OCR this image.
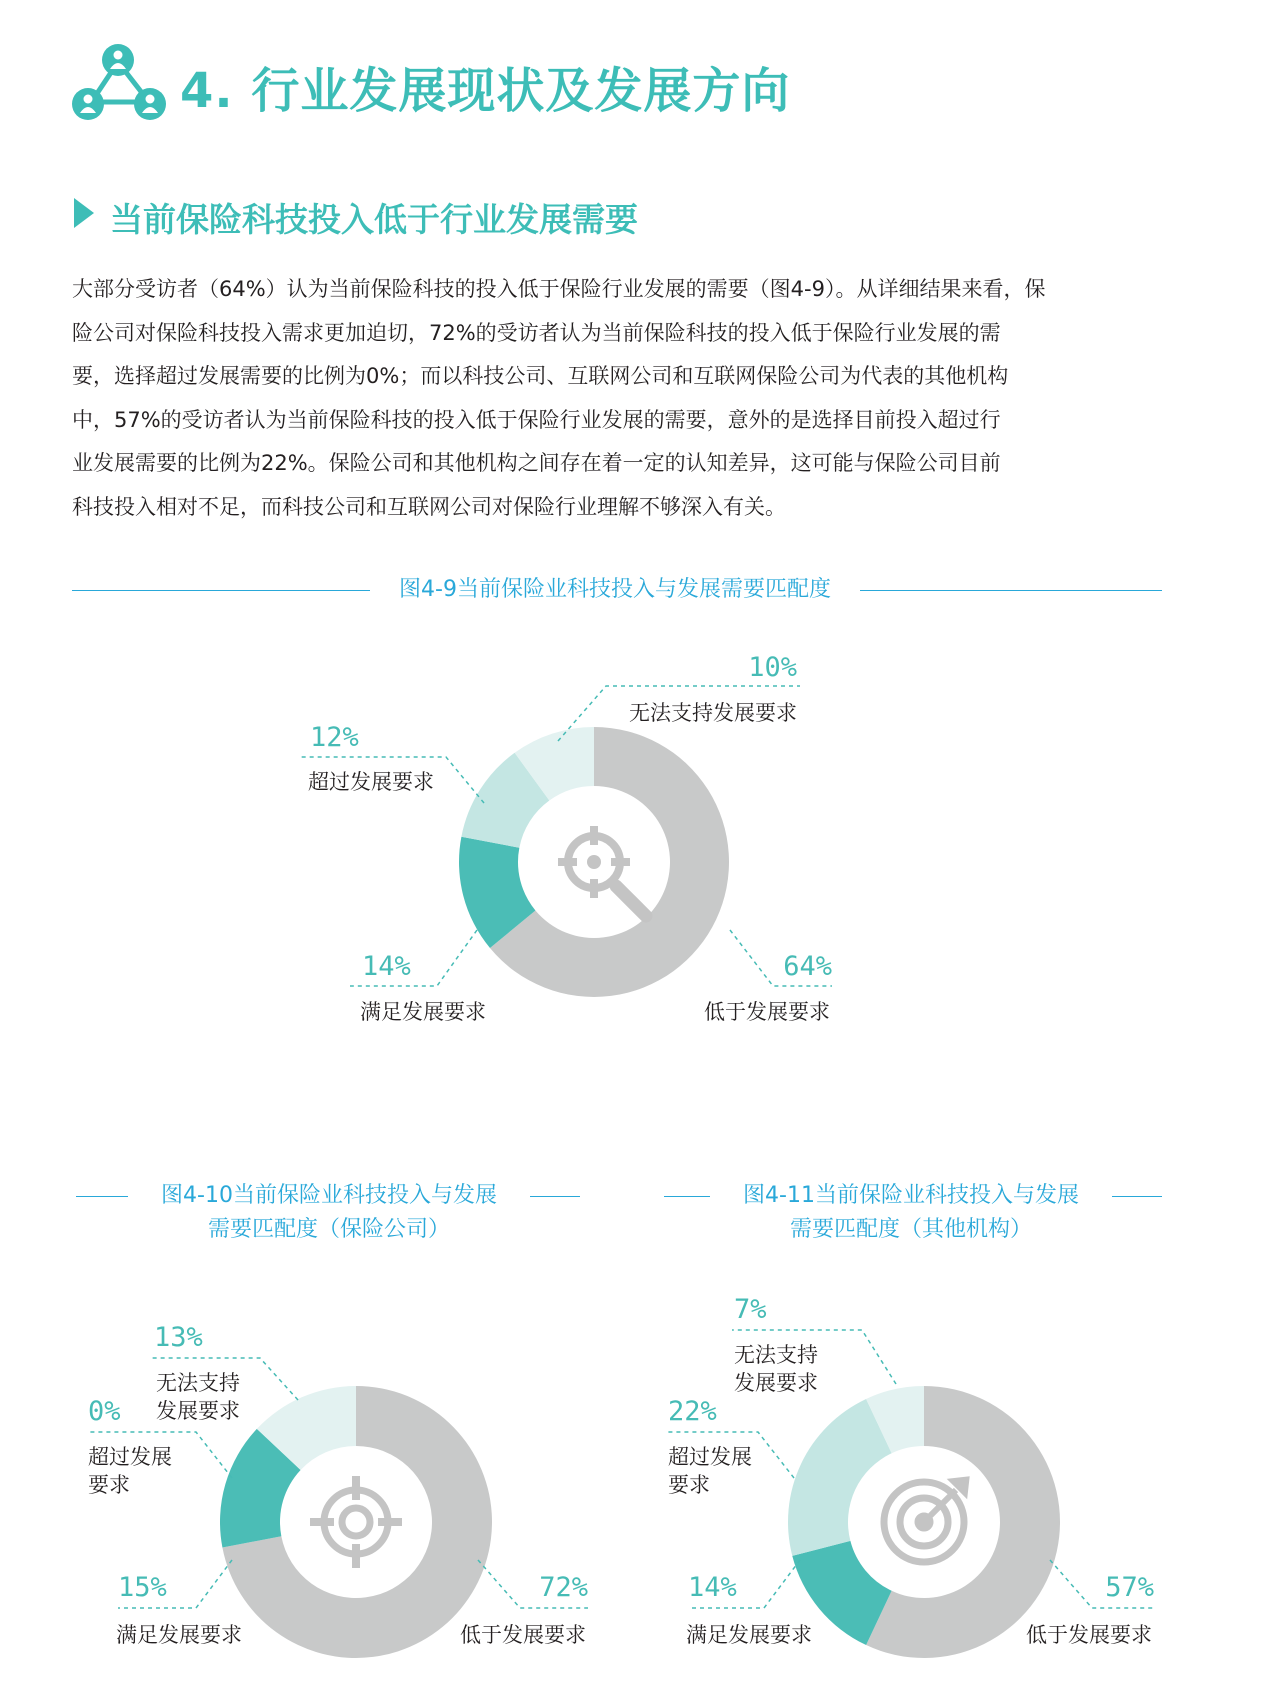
4. 行业发展现状及发展方向
当前保险科技投入低于行业发展需要
大部分受访者（64%）认为当前保险科技的投入低于保险行业发展的需要（图4-9）。从详细结果来看，保
险公司对保险科技投入需求更加迫切，72%的受访者认为当前保险科技的投入低于保险行业发展的需
要，选择超过发展需要的比例为0%；而以科技公司、互联网公司和互联网保险公司为代表的其他机构
中，57%的受访者认为当前保险科技的投入低于保险行业发展的需要，意外的是选择目前投入超过行
业发展需要的比例为22%。保险公司和其他机构之间存在着一定的认知差异，这可能与保险公司目前
科技投入相对不足，而科技公司和互联网公司对保险行业理解不够深入有关。
图4-9当前保险业科技投入与发展需要匹配度
图4-10当前保险业科技投入与发展
需要匹配度（保险公司）
图4-11当前保险业科技投入与发展
需要匹配度（其他机构）
10%
无法支持发展要求
12%
超过发展要求
14%
满足发展要求
64%
低于发展要求
13%
无法支持
发展要求
0%
超过发展
要求
15%
满足发展要求
72%
低于发展要求
7%
无法支持
发展要求
22%
超过发展
要求
14%
满足发展要求
57%
低于发展要求
